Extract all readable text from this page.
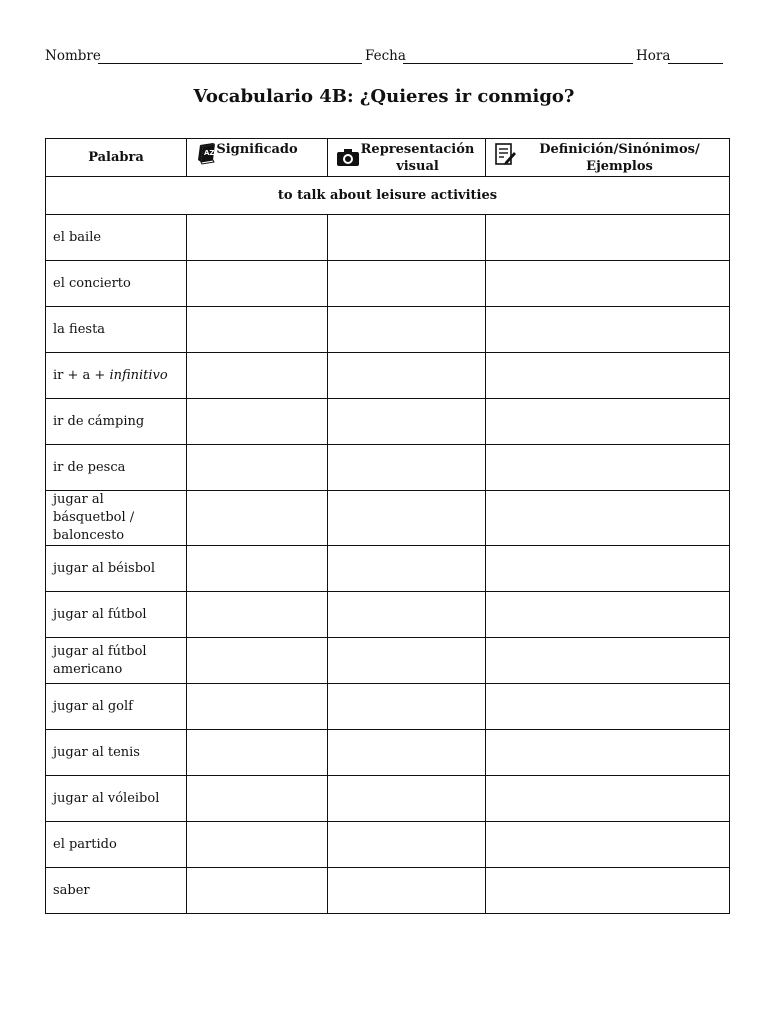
Nombre	Fecha	Hora
Vocabulario 4B: ¿Quieres ir conmigo?
Palabra	AZ Significado	Representación visual	Definición/Sinónimos/ Ejemplos

to talk about leisure activities			
el baile			
el concierto			
la fiesta			
ir + a + infinitivo			
ir de cámping			
ir de pesca			
jugar al básquetbol / baloncesto			
jugar al béisbol			
jugar al fútbol			
jugar al fútbol americano			
jugar al golf			
jugar al tenis			
jugar al vóleibol			
el partido			
saber			
